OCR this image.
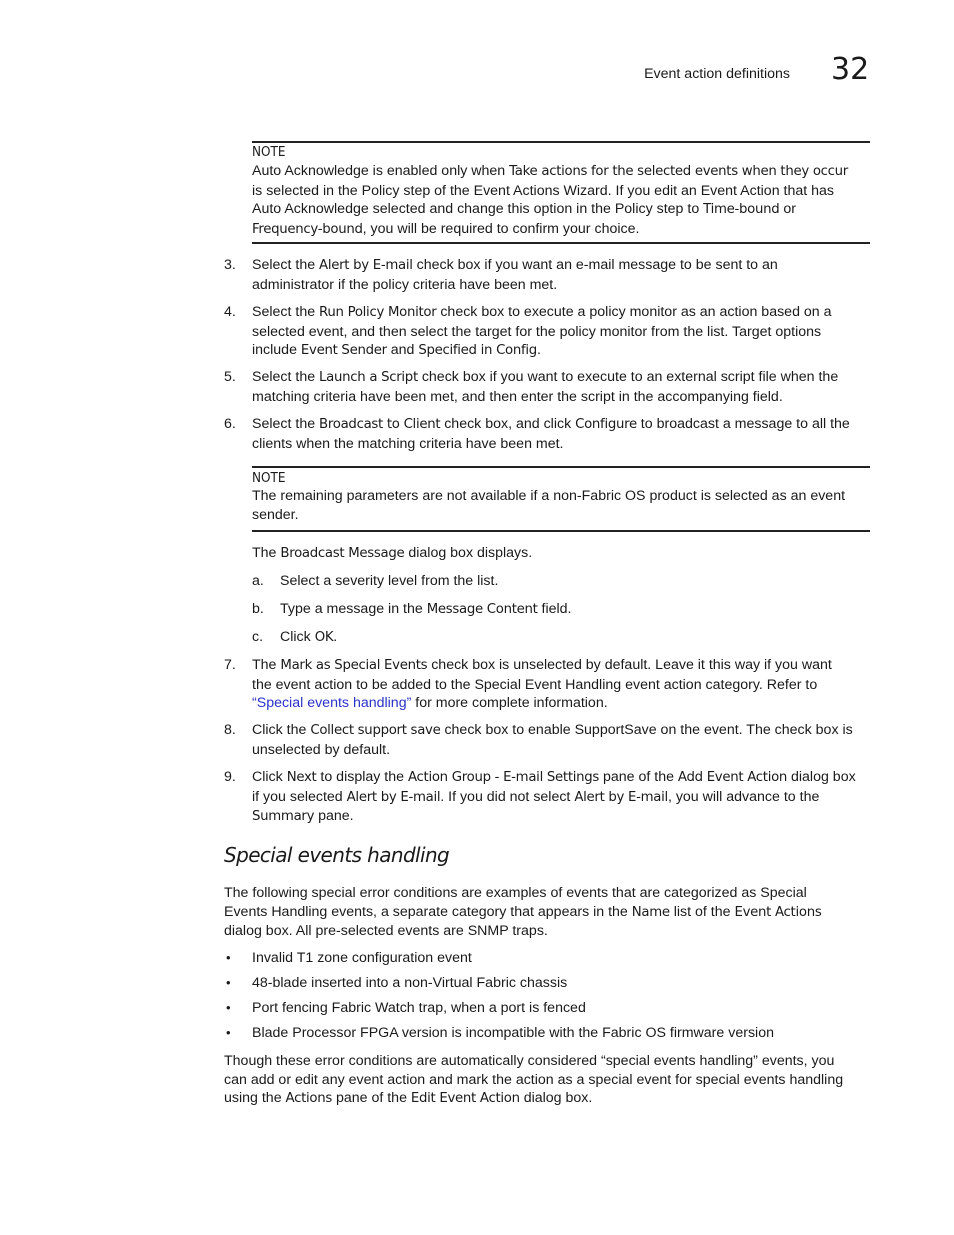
Event action definitions 32
NOTE
Auto Acknowledge is enabled only when Take actions for the selected events when they occur
is selected in the Policy step of the Event Actions Wizard. If you edit an Event Action that has
Auto Acknowledge selected and change this option in the Policy step to Time-bound or
Frequency-bound, you will be required to confirm your choice.
3. Select the Alert by E-mail check box if you want an e-mail message to be sent to an
administrator if the policy criteria have been met.
4. Select the Run Policy Monitor check box to execute a policy monitor as an action based on a
selected event, and then select the target for the policy monitor from the list. Target options
include Event Sender and Specified in Config.
5. Select the Launch a Script check box if you want to execute to an external script file when the
matching criteria have been met, and then enter the script in the accompanying field.
6. Select the Broadcast to Client check box, and click Configure to broadcast a message to all the
clients when the matching criteria have been met.
NOTE
The remaining parameters are not available if a non-Fabric OS product is selected as an event
sender.
The Broadcast Message dialog box displays.
a. Select a severity level from the list.
b. Type a message in the Message Content field.
c. Click OK.
7. The Mark as Special Events check box is unselected by default. Leave it this way if you want
the event action to be added to the Special Event Handling event action category. Refer to
“Special events handling” for more complete information.
8. Click the Collect support save check box to enable SupportSave on the event. The check box is
unselected by default.
9. Click Next to display the Action Group - E-mail Settings pane of the Add Event Action dialog box
if you selected Alert by E-mail. If you did not select Alert by E-mail, you will advance to the
Summary pane.
Special events handling
The following special error conditions are examples of events that are categorized as Special
Events Handling events, a separate category that appears in the Name list of the Event Actions
dialog box. All pre-selected events are SNMP traps.
• Invalid T1 zone configuration event
• 48-blade inserted into a non-Virtual Fabric chassis
• Port fencing Fabric Watch trap, when a port is fenced
• Blade Processor FPGA version is incompatible with the Fabric OS firmware version
Though these error conditions are automatically considered “special events handling” events, you
can add or edit any event action and mark the action as a special event for special events handling
using the Actions pane of the Edit Event Action dialog box.
